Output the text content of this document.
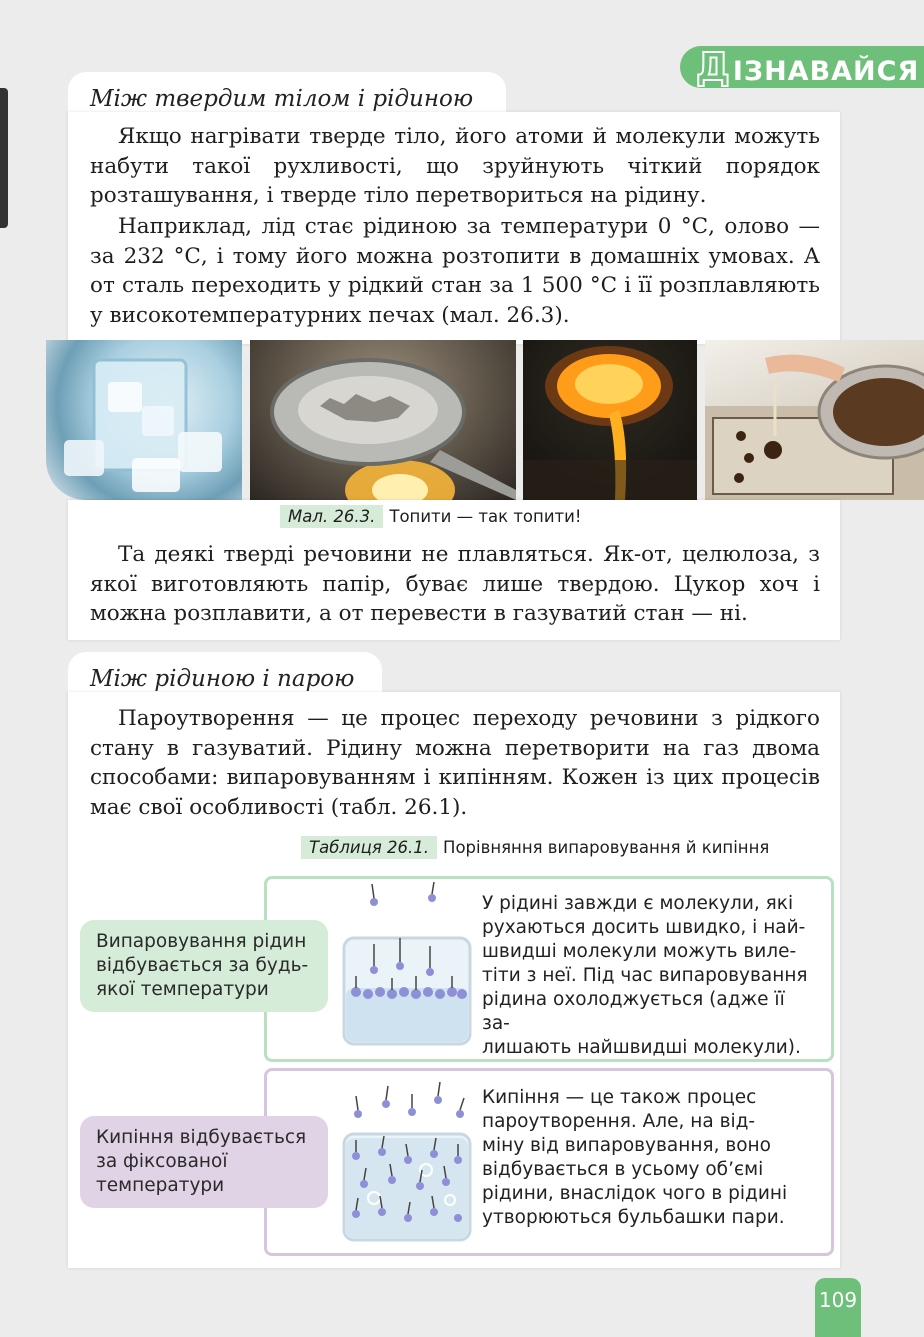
ДІЗНАВАЙСЯ
Між твердим тілом і рідиною

Якщо нагрівати тверде тіло, його атоми й молекули можуть набути такої рухливості, що зруйнують чіткий порядок розташування, і тверде тіло перетвориться на рідину.

Наприклад, лід стає рідиною за температури 0 °С, олово — за 232 °С, і тому його можна розтопити в домашніх умовах. А от сталь переходить у рідкий стан за 1 500 °С і її розплавляють у високотемпературних печах (мал. 26.3).

Мал. 26.3. Топити — так топити!

Та деякі тверді речовини не плавляться. Як-от, целюлоза, з якої виготовляють папір, буває лише твердою. Цукор хоч і можна розплавити, а от перевести в газуватий стан — ні.

Між рідиною і парою

Пароутворення — це процес переходу речовини з рідкого стану в газуватий. Рідину можна перетворити на газ двома способами: випаровуванням і кипінням. Кожен із цих процесів має свої особливості (табл. 26.1).

Таблиця 26.1. Порівняння випаровування й кипіння
Випаровування рідин відбувається за будь-якої температури
Кипіння відбувається за фіксованої температури
У рідині завжди є молекули, які
рухаються досить швидко, і най-
швидші молекули можуть виле-
тіти з неї. Під час випаровування
рідина охолоджується (адже її за-
лишають найшвидші молекули).
Кипіння — це також процес
пароутворення. Але, на від-
міну від випаровування, воно
відбувається в усьому об’ємі
рідини, внаслідок чого в рідині
утворюються бульбашки пари.
109
